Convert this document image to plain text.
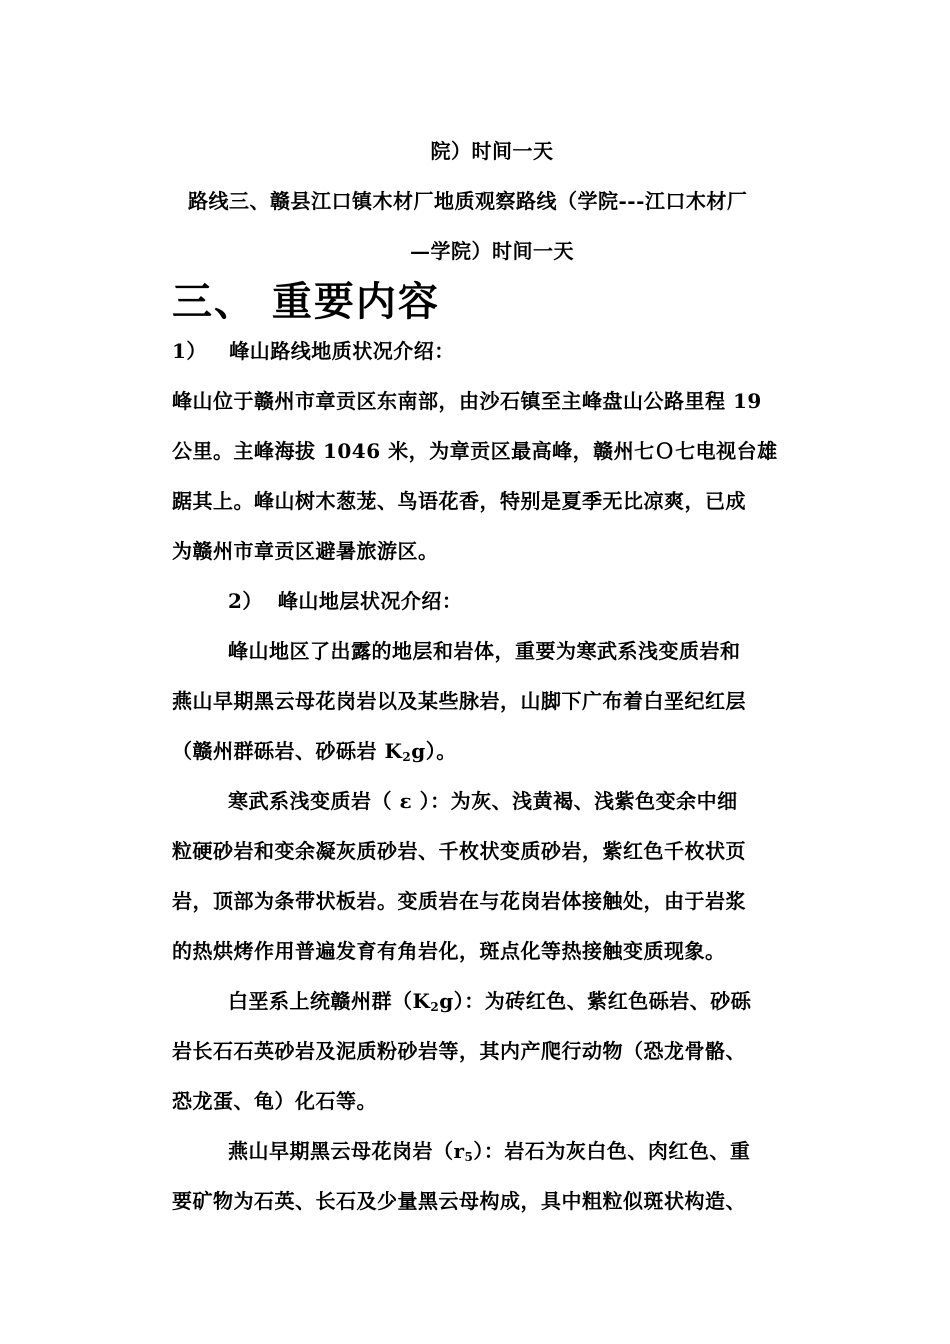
院）时间一天
路线三、赣县江口镇木材厂地质观察路线（学院---江口木材厂
—学院）时间一天
三、 重要内容
1）   峰山路线地质状况介绍：
峰山位于赣州市章贡区东南部，由沙石镇至主峰盘山公路里程 19
公里。主峰海拔 1046 米，为章贡区最高峰，赣州七Ｏ七电视台雄
踞其上。峰山树木葱茏、鸟语花香，特别是夏季无比凉爽，已成
为赣州市章贡区避暑旅游区。
2）  峰山地层状况介绍：
峰山地区了出露的地层和岩体，重要为寒武系浅变质岩和
燕山早期黑云母花岗岩以及某些脉岩，山脚下广布着白垩纪红层
（赣州群砾岩、砂砾岩 $K_2g$）。
寒武系浅变质岩（ ε ）：为灰、浅黄褐、浅紫色变余中细
粒硬砂岩和变余凝灰质砂岩、千枚状变质砂岩，紫红色千枚状页
岩，顶部为条带状板岩。变质岩在与花岗岩体接触处，由于岩浆
的热烘烤作用普遍发育有角岩化，斑点化等热接触变质现象。
白垩系上统赣州群$(K_2g)$：为砖红色、紫红色砾岩、砂砾
岩长石石英砂岩及泥质粉砂岩等，其内产爬行动物（恐龙骨骼、
恐龙蛋、龟）化石等。
燕山早期黑云母花岗岩$(r_5)$：岩石为灰白色、肉红色、重
要矿物为石英、长石及少量黑云母构成，具中粗粒似斑状构造、
